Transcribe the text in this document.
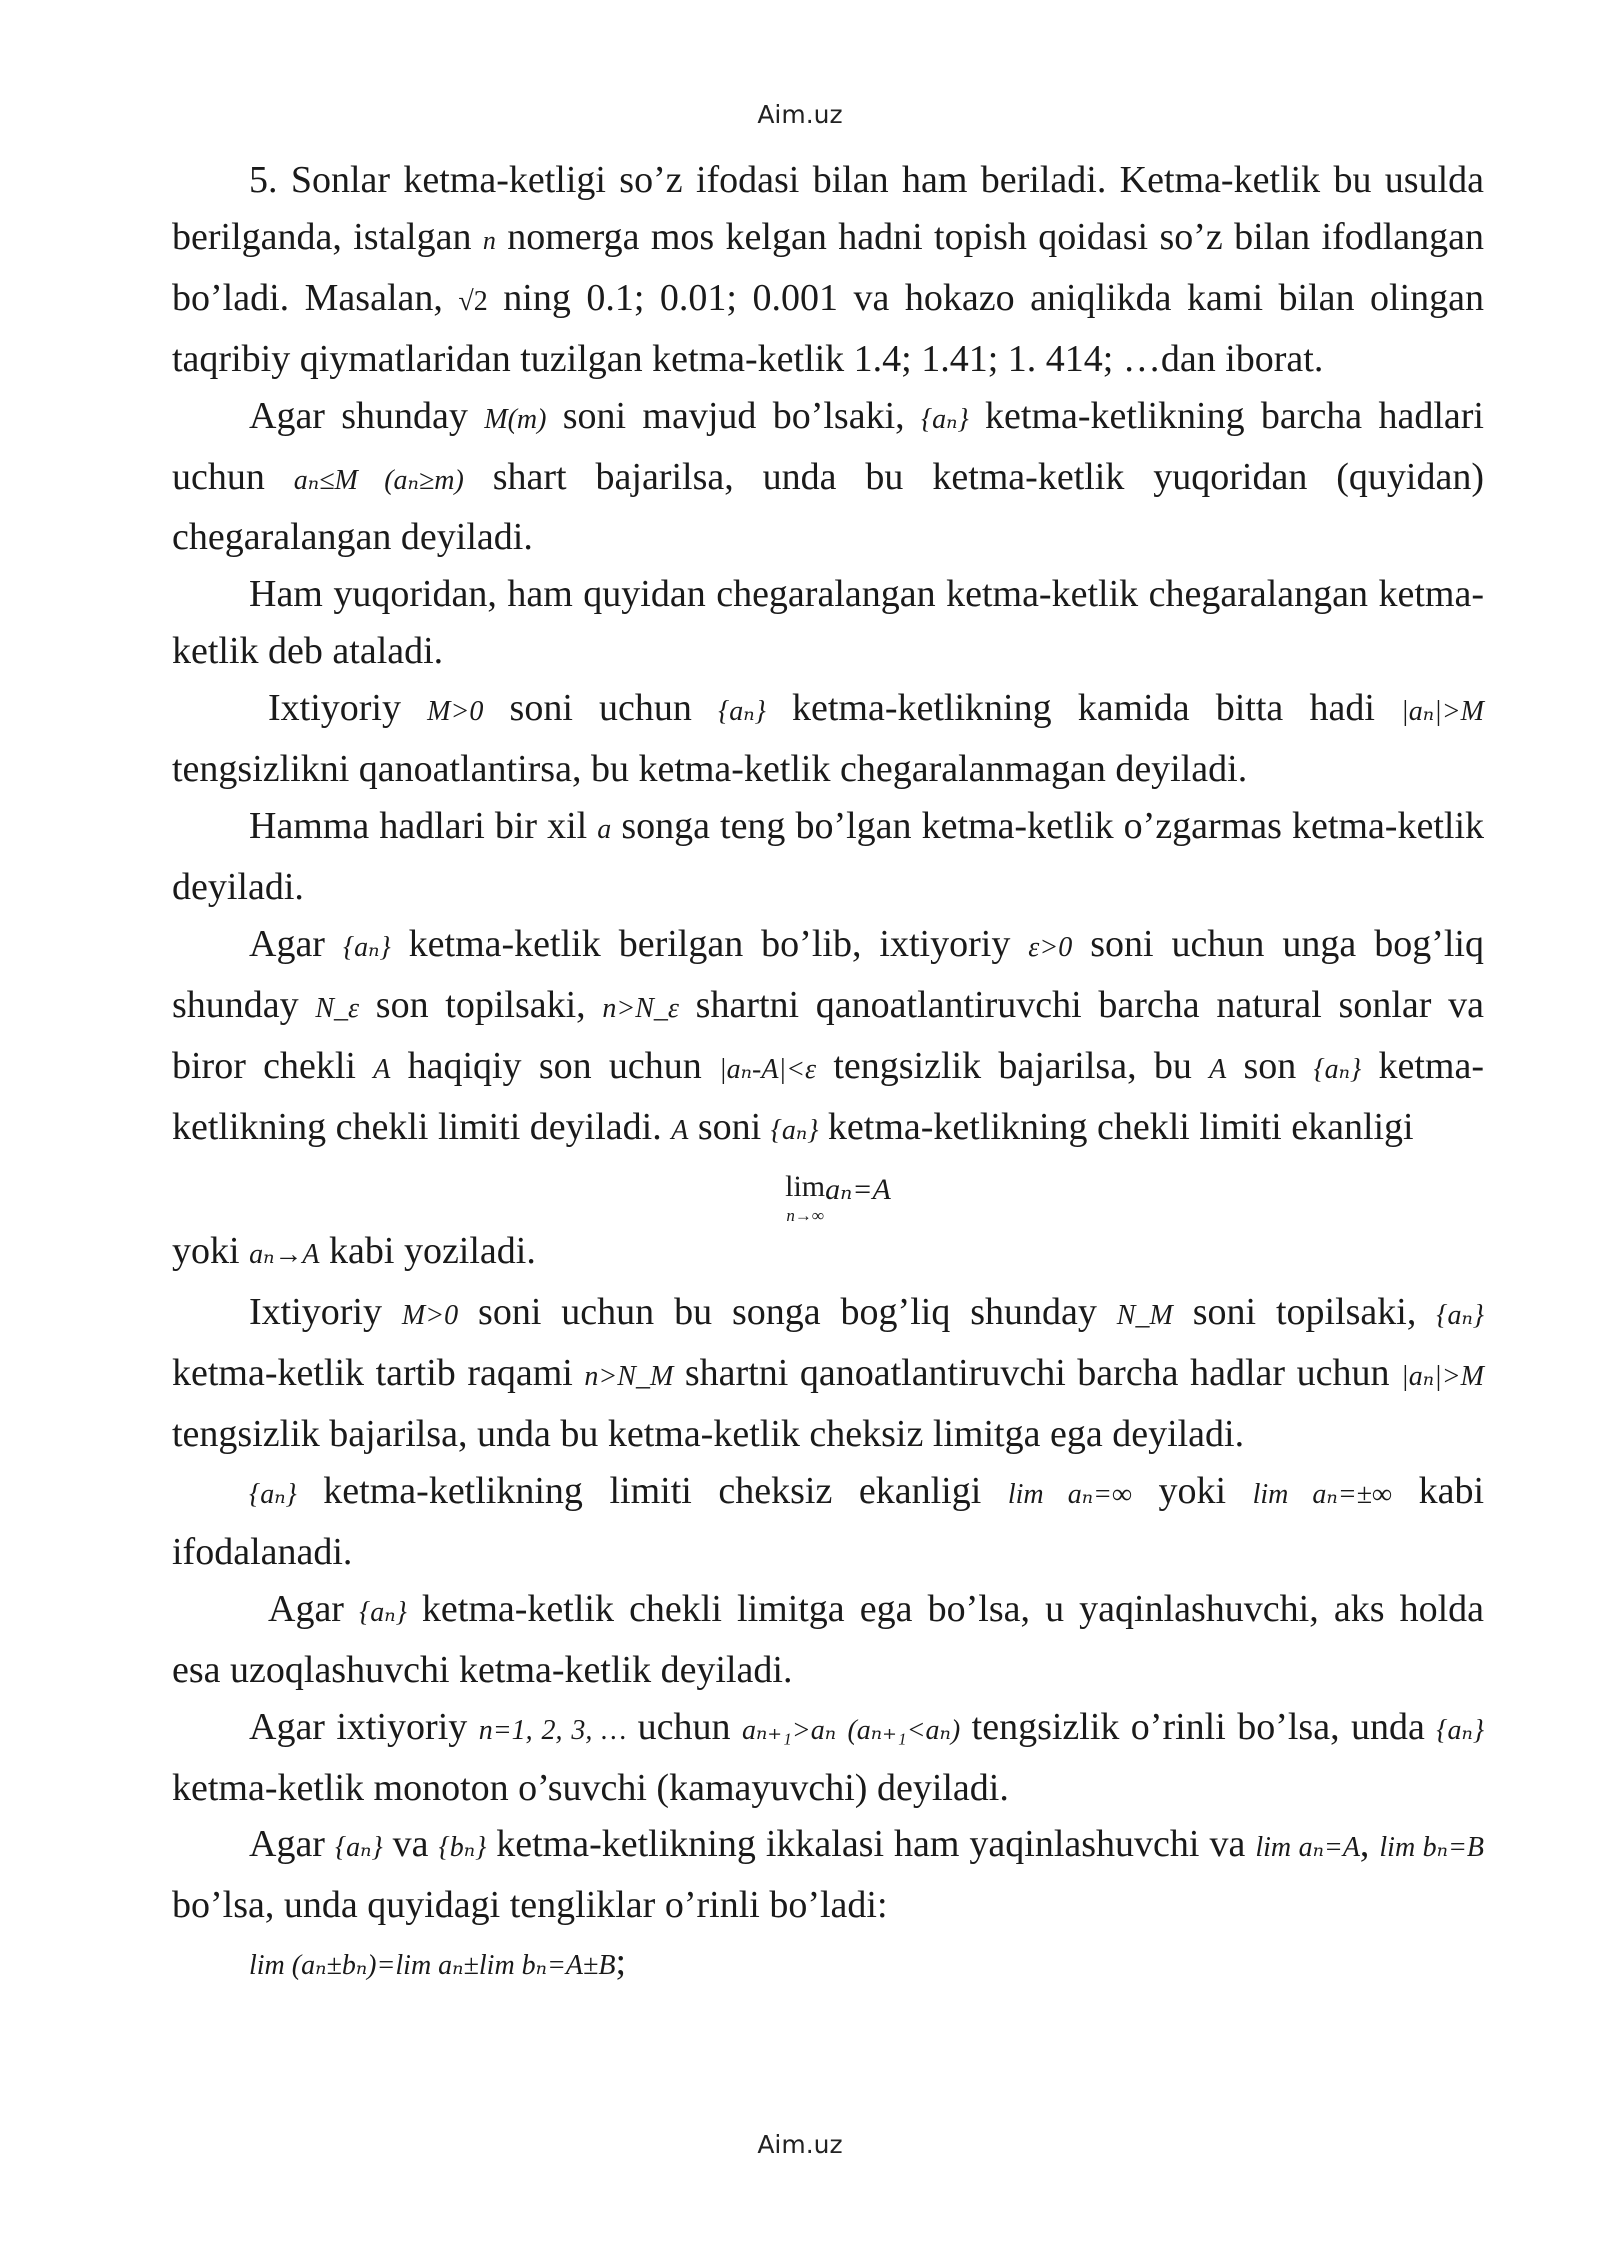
Aim.uz

5. Sonlar ketma-ketligi so’z ifodasi bilan ham beriladi. Ketma-ketlik bu usulda berilganda, istalgan n nomerga mos kelgan hadni topish qoidasi so’z bilan ifodlangan bo’ladi. Masalan, √2 ning 0.1; 0.01; 0.001 va hokazo aniqlikda kami bilan olingan taqribiy qiymatlaridan tuzilgan ketma-ketlik 1.4; 1.41; 1. 414; …dan iborat.

Agar shunday M(m) soni mavjud bo’lsaki, {aₙ} ketma-ketlikning barcha hadlari uchun aₙ≤M (aₙ≥m) shart bajarilsa, unda bu ketma-ketlik yuqoridan (quyidan) chegaralangan deyiladi.

Ham yuqoridan, ham quyidan chegaralangan ketma-ketlik chegaralangan ketma-ketlik deb ataladi.

Ixtiyoriy M>0 soni uchun {aₙ} ketma-ketlikning kamida bitta hadi |aₙ|>M tengsizlikni qanoatlantirsa, bu ketma-ketlik chegaralanmagan deyiladi.

Hamma hadlari bir xil a songa teng bo’lgan ketma-ketlik o’zgarmas ketma-ketlik deyiladi.

Agar {aₙ} ketma-ketlik berilgan bo’lib, ixtiyoriy ε>0 soni uchun unga bog’liq shunday N_ε son topilsaki, n>N_ε shartni qanoatlantiruvchi barcha natural sonlar va biror chekli A haqiqiy son uchun |aₙ-A|<ε tengsizlik bajarilsa, bu A son {aₙ} ketma-ketlikning chekli limiti deyiladi. A soni {aₙ} ketma-ketlikning chekli limiti ekanligi

lim
n→∞
aₙ=A

yoki aₙ→A kabi yoziladi.

Ixtiyoriy M>0 soni uchun bu songa bog’liq shunday N_M soni topilsaki, {aₙ} ketma-ketlik tartib raqami n>N_M shartni qanoatlantiruvchi barcha hadlar uchun |aₙ|>M tengsizlik bajarilsa, unda bu ketma-ketlik cheksiz limitga ega deyiladi.

{aₙ} ketma-ketlikning limiti cheksiz ekanligi lim aₙ=∞ yoki lim aₙ=±∞ kabi ifodalanadi.

Agar {aₙ} ketma-ketlik chekli limitga ega bo’lsa, u yaqinlashuvchi, aks holda esa uzoqlashuvchi ketma-ketlik deyiladi.

Agar ixtiyoriy n=1, 2, 3, … uchun aₙ₊₁>aₙ (aₙ₊₁<aₙ) tengsizlik o’rinli bo’lsa, unda {aₙ} ketma-ketlik monoton o’suvchi (kamayuvchi) deyiladi.

Agar {aₙ} va {bₙ} ketma-ketlikning ikkalasi ham yaqinlashuvchi va lim aₙ=A, lim bₙ=B bo’lsa, unda quyidagi tengliklar o’rinli bo’ladi:

lim (aₙ±bₙ)=lim aₙ±lim bₙ=A±B;

Aim.uz
